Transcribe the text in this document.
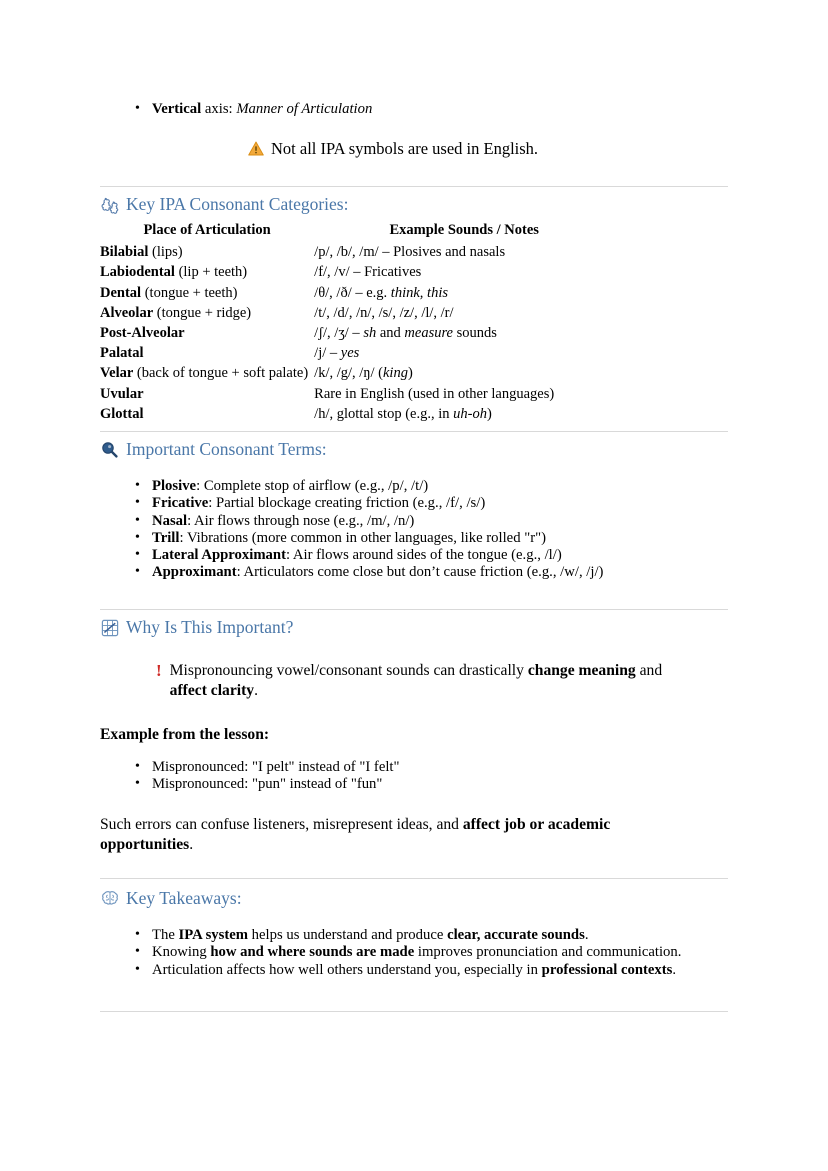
• Vertical axis: Manner of Articulation
Not all IPA symbols are used in English.
Key IPA Consonant Categories:
Place of Articulation	Example Sounds / Notes
Bilabial (lips)	/p/, /b/, /m/ – Plosives and nasals
Labiodental (lip + teeth)	/f/, /v/ – Fricatives
Dental (tongue + teeth)	/θ/, /ð/ – e.g. think, this
Alveolar (tongue + ridge)	/t/, /d/, /n/, /s/, /z/, /l/, /r/
Post-Alveolar	/ʃ/, /ʒ/ – sh and measure sounds
Palatal	/j/ – yes
Velar (back of tongue + soft palate)	/k/, /g/, /ŋ/ (king)
Uvular	Rare in English (used in other languages)
Glottal	/h/, glottal stop (e.g., in uh-oh)
Important Consonant Terms:
• Plosive: Complete stop of airflow (e.g., /p/, /t/)
• Fricative: Partial blockage creating friction (e.g., /f/, /s/)
• Nasal: Air flows through nose (e.g., /m/, /n/)
• Trill: Vibrations (more common in other languages, like rolled "r")
• Lateral Approximant: Air flows around sides of the tongue (e.g., /l/)
• Approximant: Articulators come close but don’t cause friction (e.g., /w/, /j/)
Why Is This Important?
! Mispronouncing vowel/consonant sounds can drastically change meaning and affect clarity.
Example from the lesson:
• Mispronounced: "I pelt" instead of "I felt"
• Mispronounced: "pun" instead of "fun"
Such errors can confuse listeners, misrepresent ideas, and affect job or academic opportunities.
Key Takeaways:
• The IPA system helps us understand and produce clear, accurate sounds.
• Knowing how and where sounds are made improves pronunciation and communication.
• Articulation affects how well others understand you, especially in professional contexts.
